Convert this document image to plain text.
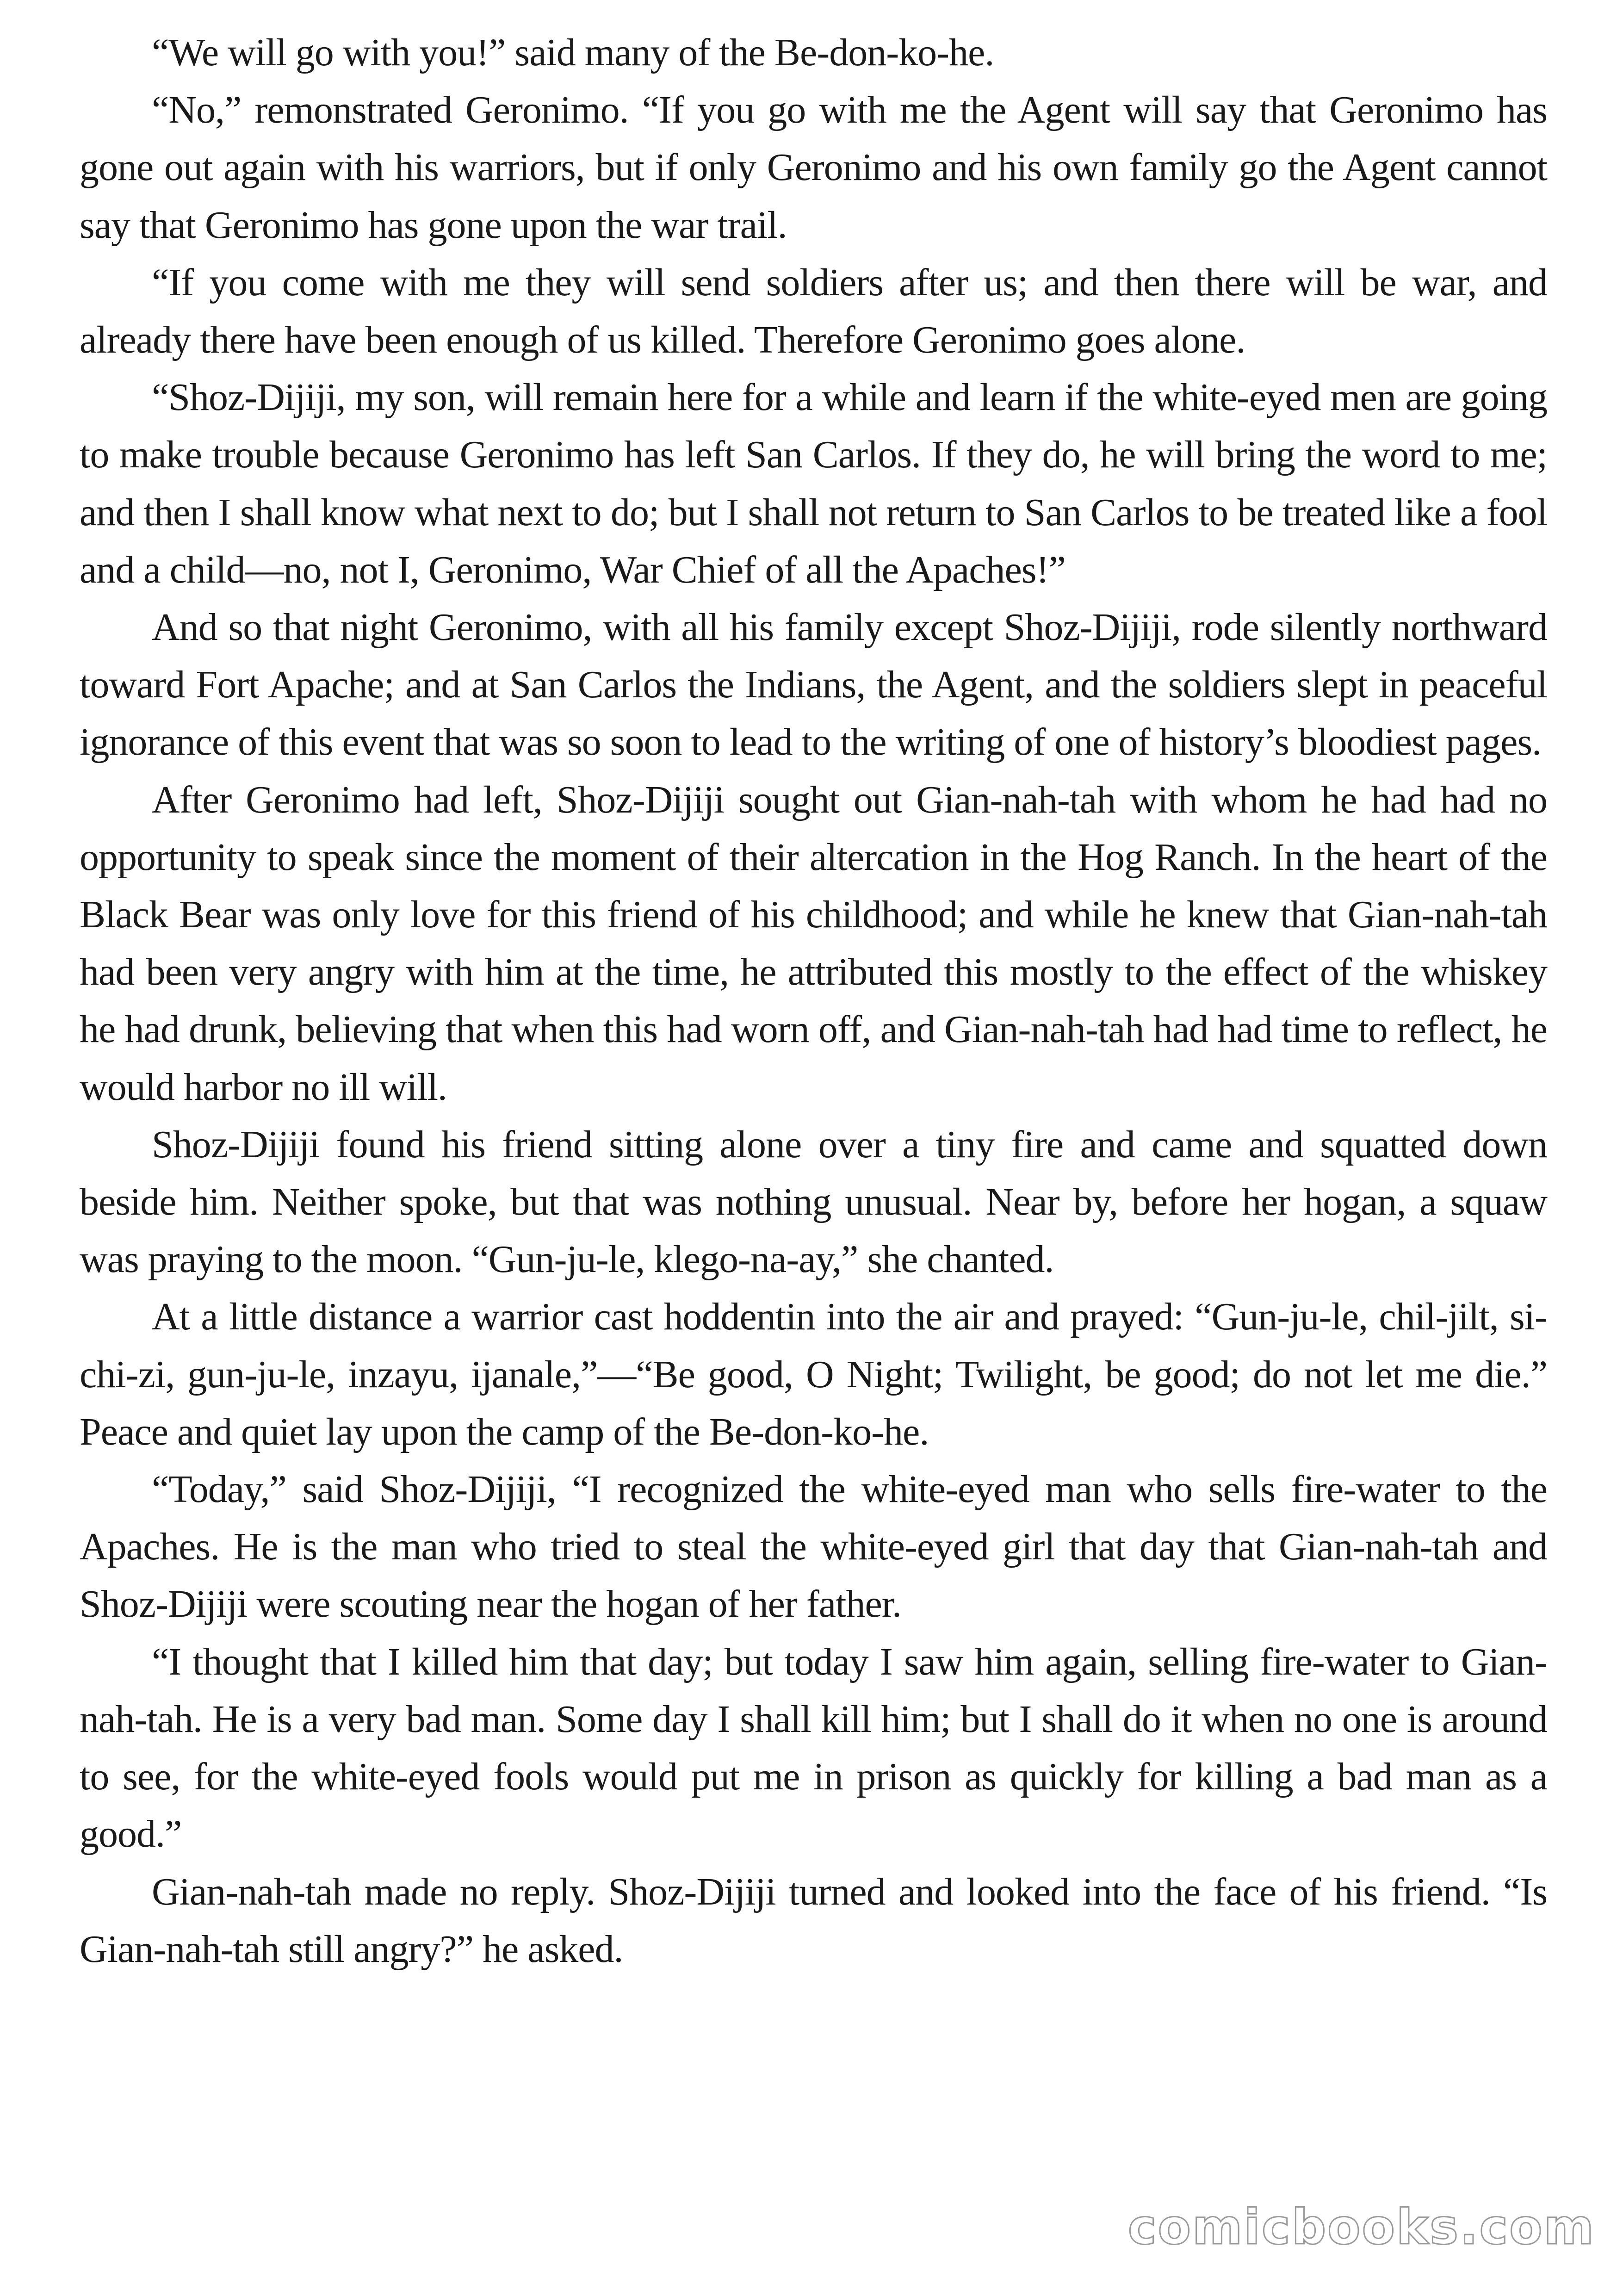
“We will go with you!” said many of the Be-don-ko-he.

“No,” remonstrated Geronimo. “If you go with me the Agent will say that Geronimo has gone out again with his warriors, but if only Geronimo and his own family go the Agent cannot say that Geronimo has gone upon the war trail.

“If you come with me they will send soldiers after us; and then there will be war, and already there have been enough of us killed. Therefore Geronimo goes alone.

“Shoz-Dijiji, my son, will remain here for a while and learn if the white-eyed men are going to make trouble because Geronimo has left San Carlos. If they do, he will bring the word to me; and then I shall know what next to do; but I shall not return to San Carlos to be treated like a fool and a child—no, not I, Geronimo, War Chief of all the Apaches!”

And so that night Geronimo, with all his family except Shoz-Dijiji, rode silently northward toward Fort Apache; and at San Carlos the Indians, the Agent, and the soldiers slept in peaceful ignorance of this event that was so soon to lead to the writing of one of history’s bloodiest pages.

After Geronimo had left, Shoz-Dijiji sought out Gian-nah-tah with whom he had had no opportunity to speak since the moment of their altercation in the Hog Ranch. In the heart of the Black Bear was only love for this friend of his childhood; and while he knew that Gian-nah-tah had been very angry with him at the time, he attributed this mostly to the effect of the whiskey he had drunk, believing that when this had worn off, and Gian-nah-tah had had time to reflect, he would harbor no ill will.

Shoz-Dijiji found his friend sitting alone over a tiny fire and came and squatted down beside him. Neither spoke, but that was nothing unusual. Near by, before her hogan, a squaw was praying to the moon. “Gun-ju-le, klego-na-ay,” she chanted.

At a little distance a warrior cast hoddentin into the air and prayed: “Gun-ju-le, chil-jilt, si-chi-zi, gun-ju-le, inzayu, ijanale,”—“Be good, O Night; Twilight, be good; do not let me die.” Peace and quiet lay upon the camp of the Be-don-ko-he.

“Today,” said Shoz-Dijiji, “I recognized the white-eyed man who sells fire-water to the Apaches. He is the man who tried to steal the white-eyed girl that day that Gian-nah-tah and Shoz-Dijiji were scouting near the hogan of her father.

“I thought that I killed him that day; but today I saw him again, selling fire-water to Gian-nah-tah. He is a very bad man. Some day I shall kill him; but I shall do it when no one is around to see, for the white-eyed fools would put me in prison as quickly for killing a bad man as a good.”

Gian-nah-tah made no reply. Shoz-Dijiji turned and looked into the face of his friend. “Is Gian-nah-tah still angry?” he asked.

comicbooks.com
